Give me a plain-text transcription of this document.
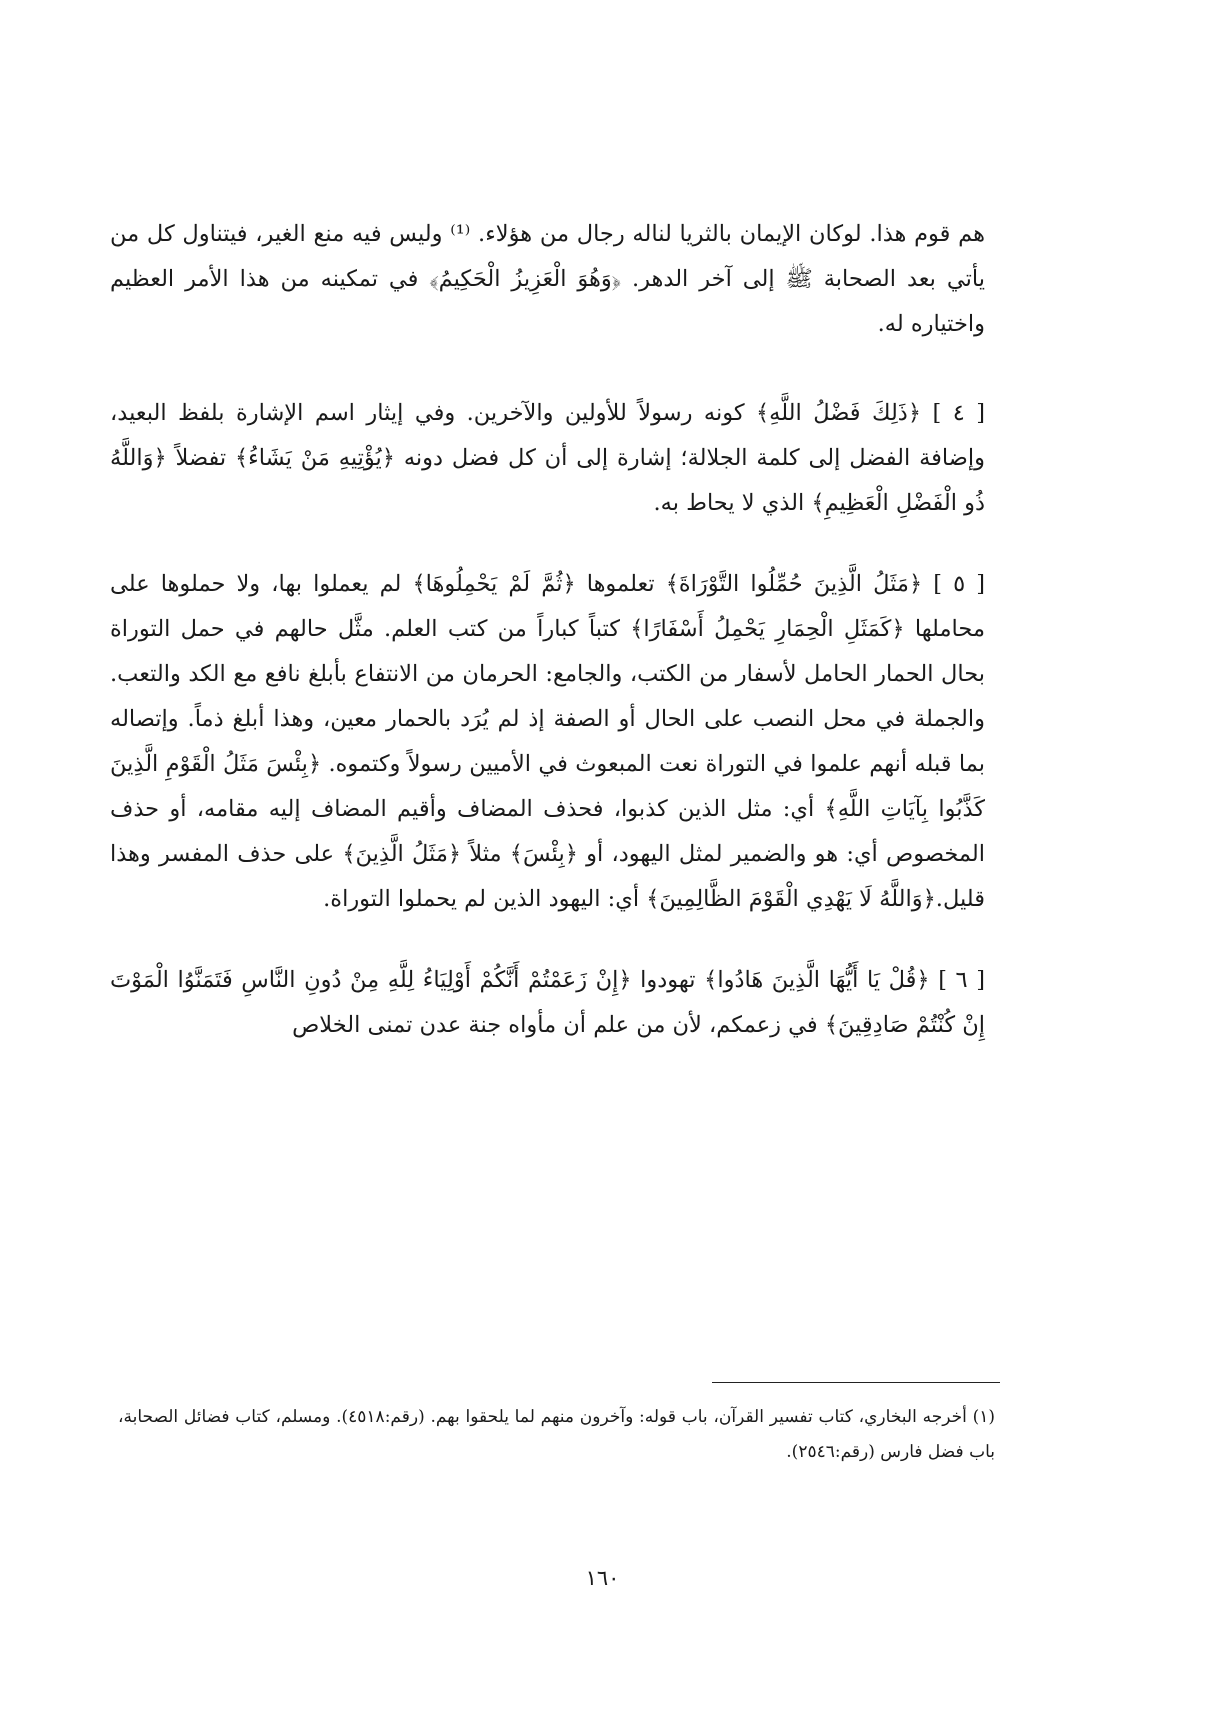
هم قوم هذا. لوكان الإيمان بالثريا لناله رجال من هؤلاء. ⁽¹⁾ وليس فيه منع الغير، فيتناول كل من يأتي بعد الصحابة ﷺ إلى آخر الدهر. ﴿وَهُوَ الْعَزِيزُ الْحَكِيمُ﴾ في تمكينه من هذا الأمر العظيم واختياره له.

[ ٤ ] ﴿ذَلِكَ فَضْلُ اللَّهِ﴾ كونه رسولاً للأولين والآخرين. وفي إيثار اسم الإشارة بلفظ البعيد، وإضافة الفضل إلى كلمة الجلالة؛ إشارة إلى أن كل فضل دونه ﴿يُؤْتِيهِ مَنْ يَشَاءُ﴾ تفضلاً ﴿وَاللَّهُ ذُو الْفَضْلِ الْعَظِيمِ﴾ الذي لا يحاط به.

[ ٥ ] ﴿مَثَلُ الَّذِينَ حُمِّلُوا التَّوْرَاةَ﴾ تعلموها ﴿ثُمَّ لَمْ يَحْمِلُوهَا﴾ لم يعملوا بها، ولا حملوها على محاملها ﴿كَمَثَلِ الْحِمَارِ يَحْمِلُ أَسْفَارًا﴾ كتباً كباراً من كتب العلم. مثَّل حالهم في حمل التوراة بحال الحمار الحامل لأسفار من الكتب، والجامع: الحرمان من الانتفاع بأبلغ نافع مع الكد والتعب. والجملة في محل النصب على الحال أو الصفة إذ لم يُرَد بالحمار معين، وهذا أبلغ ذماً. وإتصاله بما قبله أنهم علموا في التوراة نعت المبعوث في الأميين رسولاً وكتموه. ﴿بِئْسَ مَثَلُ الْقَوْمِ الَّذِينَ كَذَّبُوا بِآيَاتِ اللَّهِ﴾ أي: مثل الذين كذبوا، فحذف المضاف وأقيم المضاف إليه مقامه، أو حذف المخصوص أي: هو والضمير لمثل اليهود، أو ﴿بِئْسَ﴾ مثلاً ﴿مَثَلُ الَّذِينَ﴾ على حذف المفسر وهذا قليل.﴿وَاللَّهُ لَا يَهْدِي الْقَوْمَ الظَّالِمِينَ﴾ أي: اليهود الذين لم يحملوا التوراة.

[ ٦ ] ﴿قُلْ يَا أَيُّهَا الَّذِينَ هَادُوا﴾ تهودوا ﴿إِنْ زَعَمْتُمْ أَنَّكُمْ أَوْلِيَاءُ لِلَّهِ مِنْ دُونِ النَّاسِ فَتَمَنَّوُا الْمَوْتَ إِنْ كُنْتُمْ صَادِقِينَ﴾ في زعمكم، لأن من علم أن مأواه جنة عدن تمنى الخلاص

(١) أخرجه البخاري، كتاب تفسير القرآن، باب قوله: وآخرون منهم لما يلحقوا بهم. (رقم:٤٥١٨). ومسلم، كتاب فضائل الصحابة، باب فضل فارس (رقم:٢٥٤٦).

١٦٠
